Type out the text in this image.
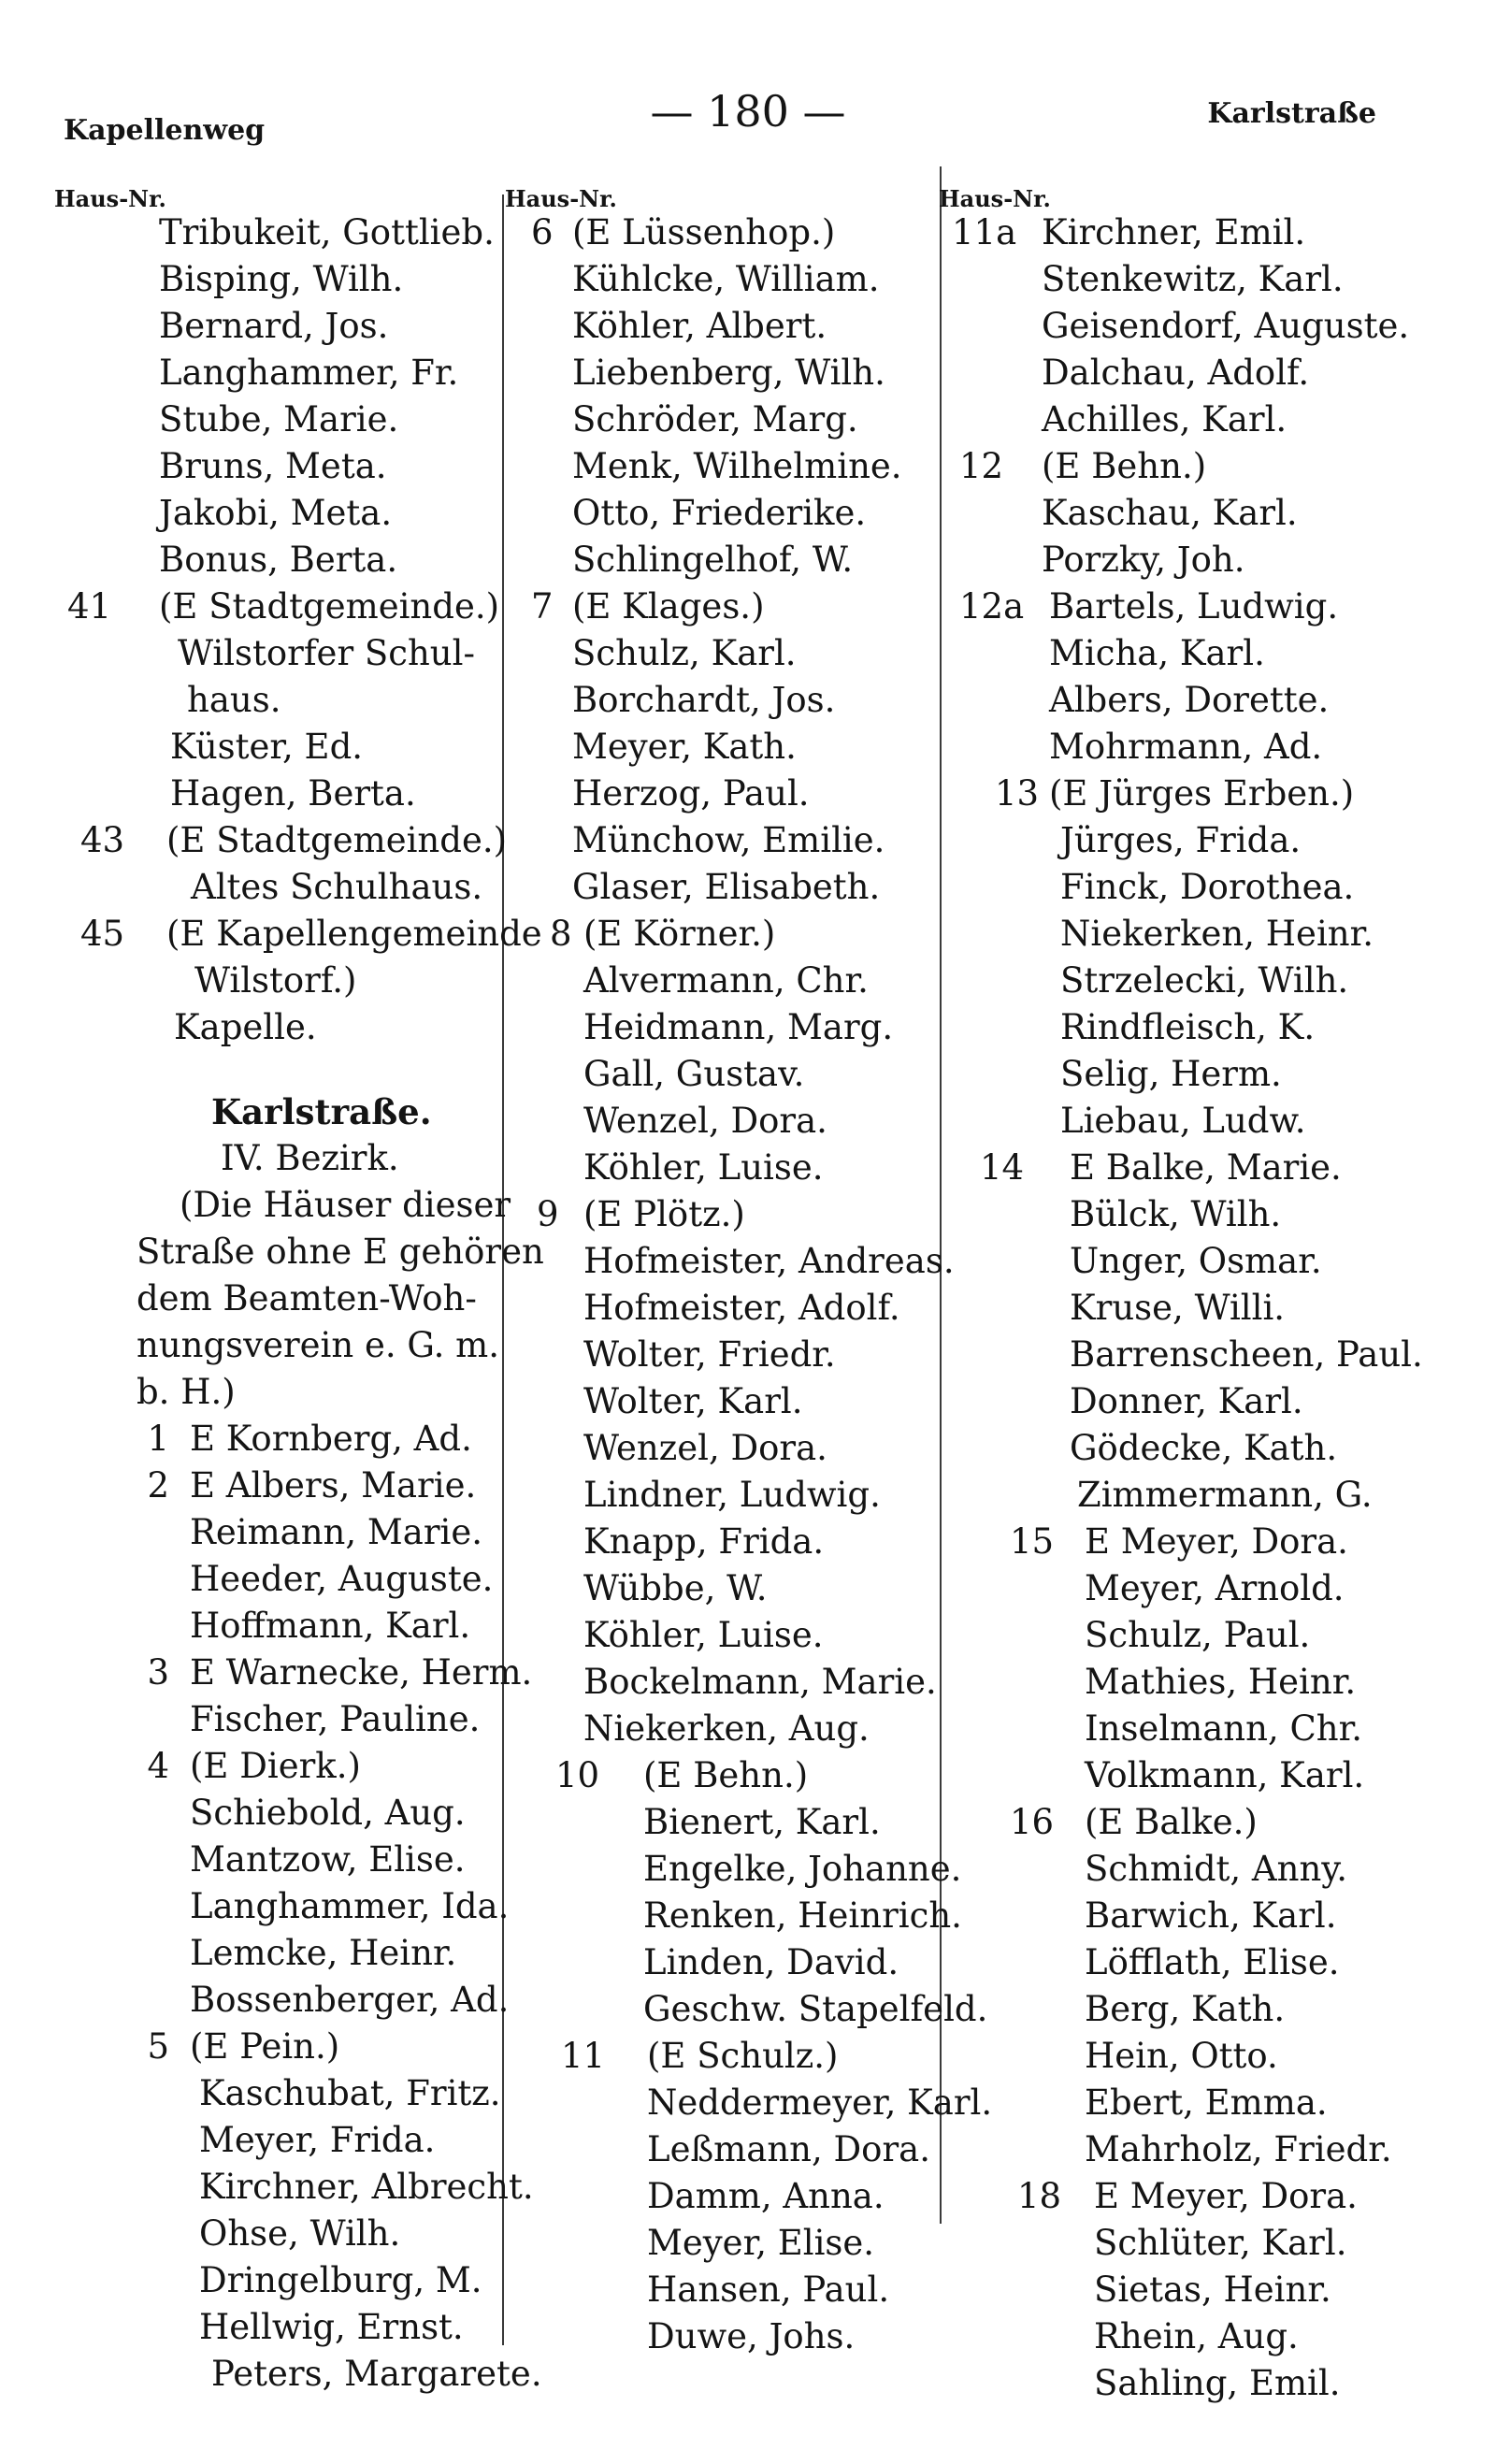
Kapellenweg	— 180 —	Karlstraße
Haus-Nr.
Tribukeit, Gottlieb.
Bisping, Wilh.
Bernard, Jos.
Langhammer, Fr.
Stube, Marie.
Bruns, Meta.
Jakobi, Meta.
Bonus, Berta.
41 (E Stadtgemeinde.)
Wilstorfer Schul-
haus.
Küster, Ed.
Hagen, Berta.
43 (E Stadtgemeinde.)
Altes Schulhaus.
45 (E Kapellengemeinde
Wilstorf.)
Kapelle.
Karlstraße.
IV. Bezirk.
(Die Häuser dieser
Straße ohne E gehören
dem Beamten-Woh-
nungsverein e. G. m.
b. H.)
1 E Kornberg, Ad.
2 E Albers, Marie.
Reimann, Marie.
Heeder, Auguste.
Hoffmann, Karl.
3 E Warnecke, Herm.
Fischer, Pauline.
4 (E Dierk.)
Schiebold, Aug.
Mantzow, Elise.
Langhammer, Ida.
Lemcke, Heinr.
Bossenberger, Ad.
5 (E Pein.)
Kaschubat, Fritz.
Meyer, Frida.
Kirchner, Albrecht.
Ohse, Wilh.
Dringelburg, M.
Hellwig, Ernst.
Peters, Margarete.
Haus-Nr.
6 (E Lüssenhop.)
Kühlcke, William.
Köhler, Albert.
Liebenberg, Wilh.
Schröder, Marg.
Menk, Wilhelmine.
Otto, Friederike.
Schlingelhof, W.
7 (E Klages.)
Schulz, Karl.
Borchardt, Jos.
Meyer, Kath.
Herzog, Paul.
Münchow, Emilie.
Glaser, Elisabeth.
8 (E Körner.)
Alvermann, Chr.
Heidmann, Marg.
Gall, Gustav.
Wenzel, Dora.
Köhler, Luise.
9 (E Plötz.)
Hofmeister, Andreas.
Hofmeister, Adolf.
Wolter, Friedr.
Wolter, Karl.
Wenzel, Dora.
Lindner, Ludwig.
Knapp, Frida.
Wübbe, W.
Köhler, Luise.
Bockelmann, Marie.
Niekerken, Aug.
10 (E Behn.)
Bienert, Karl.
Engelke, Johanne.
Renken, Heinrich.
Linden, David.
Geschw. Stapelfeld.
11 (E Schulz.)
Neddermeyer, Karl.
Leßmann, Dora.
Damm, Anna.
Meyer, Elise.
Hansen, Paul.
Duwe, Johs.
Haus-Nr.
11a Kirchner, Emil.
Stenkewitz, Karl.
Geisendorf, Auguste.
Dalchau, Adolf.
Achilles, Karl.
12 (E Behn.)
Kaschau, Karl.
Porzky, Joh.
12a Bartels, Ludwig.
Micha, Karl.
Albers, Dorette.
Mohrmann, Ad.
13 (E Jürges Erben.)
Jürges, Frida.
Finck, Dorothea.
Niekerken, Heinr.
Strzelecki, Wilh.
Rindfleisch, K.
Selig, Herm.
Liebau, Ludw.
14 E Balke, Marie.
Bülck, Wilh.
Unger, Osmar.
Kruse, Willi.
Barrenscheen, Paul.
Donner, Karl.
Gödecke, Kath.
Zimmermann, G.
15 E Meyer, Dora.
Meyer, Arnold.
Schulz, Paul.
Mathies, Heinr.
Inselmann, Chr.
Volkmann, Karl.
16 (E Balke.)
Schmidt, Anny.
Barwich, Karl.
Löfflath, Elise.
Berg, Kath.
Hein, Otto.
Ebert, Emma.
Mahrholz, Friedr.
18 E Meyer, Dora.
Schlüter, Karl.
Sietas, Heinr.
Rhein, Aug.
Sahling, Emil.
